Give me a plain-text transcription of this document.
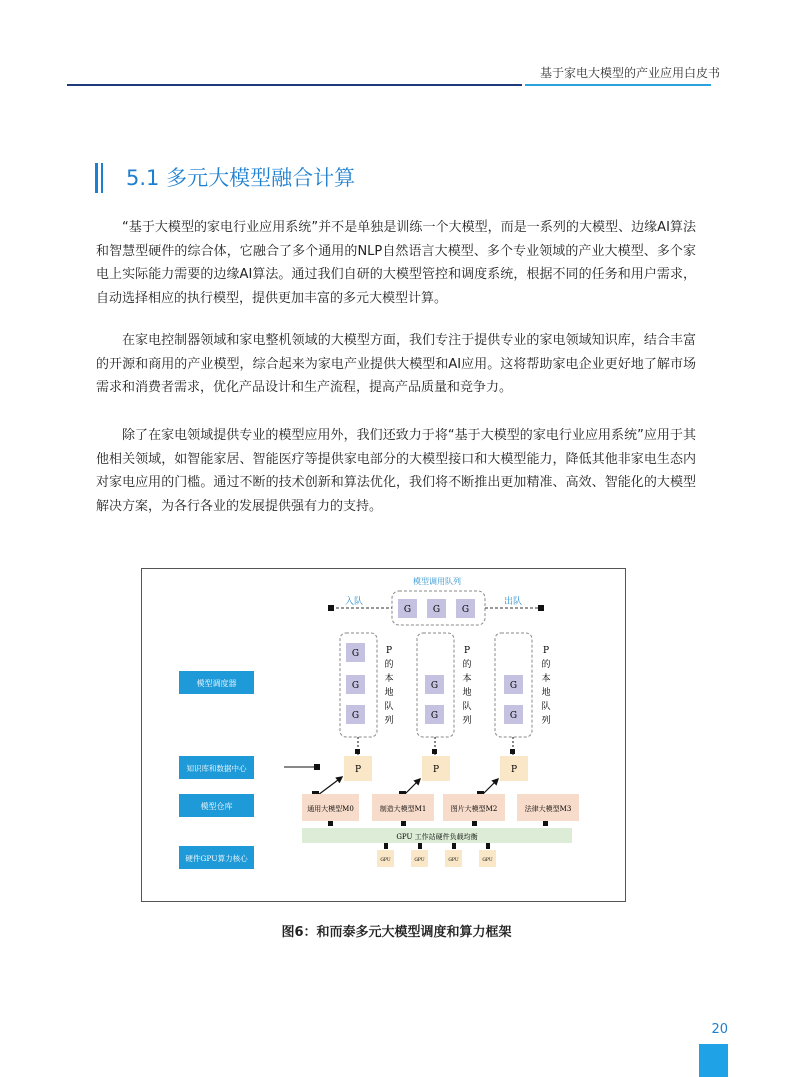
基于家电大模型的产业应用白皮书
5.1 多元大模型融合计算

“基于大模型的家电行业应用系统”并不是单独是训练一个大模型，而是一系列的大模型、边缘AI算法和智慧型硬件的综合体，它融合了多个通用的NLP自然语言大模型、多个专业领域的产业大模型、多个家电上实际能力需要的边缘AI算法。通过我们自研的大模型管控和调度系统，根据不同的任务和用户需求，自动选择相应的执行模型，提供更加丰富的多元大模型计算。

在家电控制器领域和家电整机领域的大模型方面，我们专注于提供专业的家电领域知识库，结合丰富的开源和商用的产业模型，综合起来为家电产业提供大模型和AI应用。这将帮助家电企业更好地了解市场需求和消费者需求，优化产品设计和生产流程，提高产品质量和竞争力。

除了在家电领域提供专业的模型应用外，我们还致力于将“基于大模型的家电行业应用系统”应用于其他相关领域，如智能家居、智能医疗等提供家电部分的大模型接口和大模型能力，降低其他非家电生态内对家电应用的门槛。通过不断的技术创新和算法优化，我们将不断推出更加精准、高效、智能化的大模型解决方案，为各行各业的发展提供强有力的支持。

模型调用队列
G G G
入队	出队
G
G
G
P
的
本
地
队
列
G
G
P
的
本
地
队
列
G
G
P
的
本
地
队
列
P	P	P
模型调度器
知识库和数据中心
模型仓库
硬件GPU算力核心
通用大模型M0	制造大模型M1	图片大模型M2	法律大模型M3
GPU 工作站硬件负载均衡
GPU	GPU	GPU	GPU
图6：和而泰多元大模型调度和算力框架
20
